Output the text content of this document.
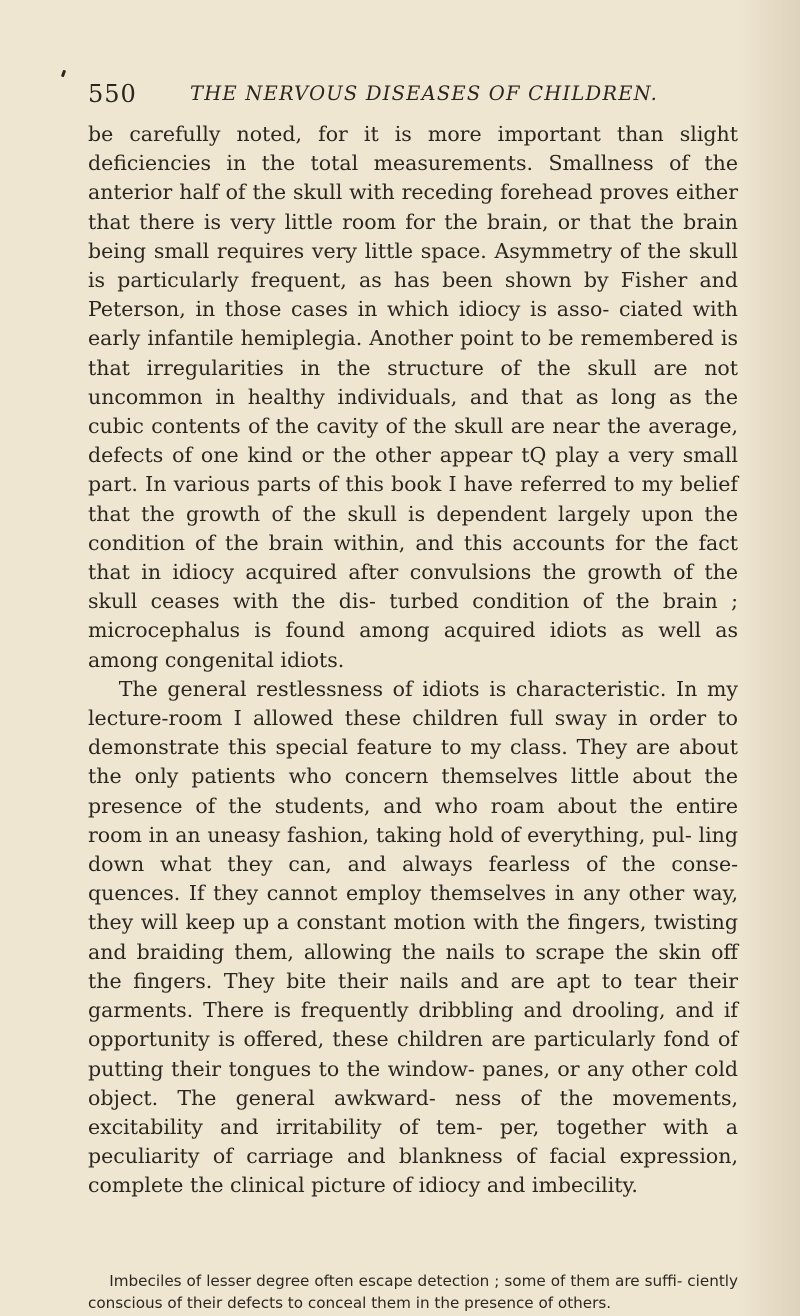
550	THE NERVOUS DISEASES OF CHILDREN.

be carefully noted, for it is more important than slight deficiencies in the total measurements. Smallness of the anterior half of the skull with receding forehead proves either that there is very little room for the brain, or that the brain being small requires very little space. Asymmetry of the skull is particularly frequent, as has been shown by Fisher and Peterson, in those cases in which idiocy is asso- ciated with early infantile hemiplegia. Another point to be remembered is that irregularities in the structure of the skull are not uncommon in healthy individuals, and that as long as the cubic contents of the cavity of the skull are near the average, defects of one kind or the other appear tQ play a very small part. In various parts of this book I have referred to my belief that the growth of the skull is dependent largely upon the condition of the brain within, and this accounts for the fact that in idiocy acquired after convulsions the growth of the skull ceases with the dis- turbed condition of the brain ; microcephalus is found among acquired idiots as well as among congenital idiots.

The general restlessness of idiots is characteristic. In my lecture-room I allowed these children full sway in order to demonstrate this special feature to my class. They are about the only patients who concern themselves little about the presence of the students, and who roam about the entire room in an uneasy fashion, taking hold of everything, pul- ling down what they can, and always fearless of the conse- quences. If they cannot employ themselves in any other way, they will keep up a constant motion with the fingers, twisting and braiding them, allowing the nails to scrape the skin off the fingers. They bite their nails and are apt to tear their garments. There is frequently dribbling and drooling, and if opportunity is offered, these children are particularly fond of putting their tongues to the window- panes, or any other cold object. The general awkward- ness of the movements, excitability and irritability of tem- per, together with a peculiarity of carriage and blankness of facial expression, complete the clinical picture of idiocy and imbecility.

Imbeciles of lesser degree often escape detection ; some of them are suffi- ciently conscious of their defects to conceal them in the presence of others.
